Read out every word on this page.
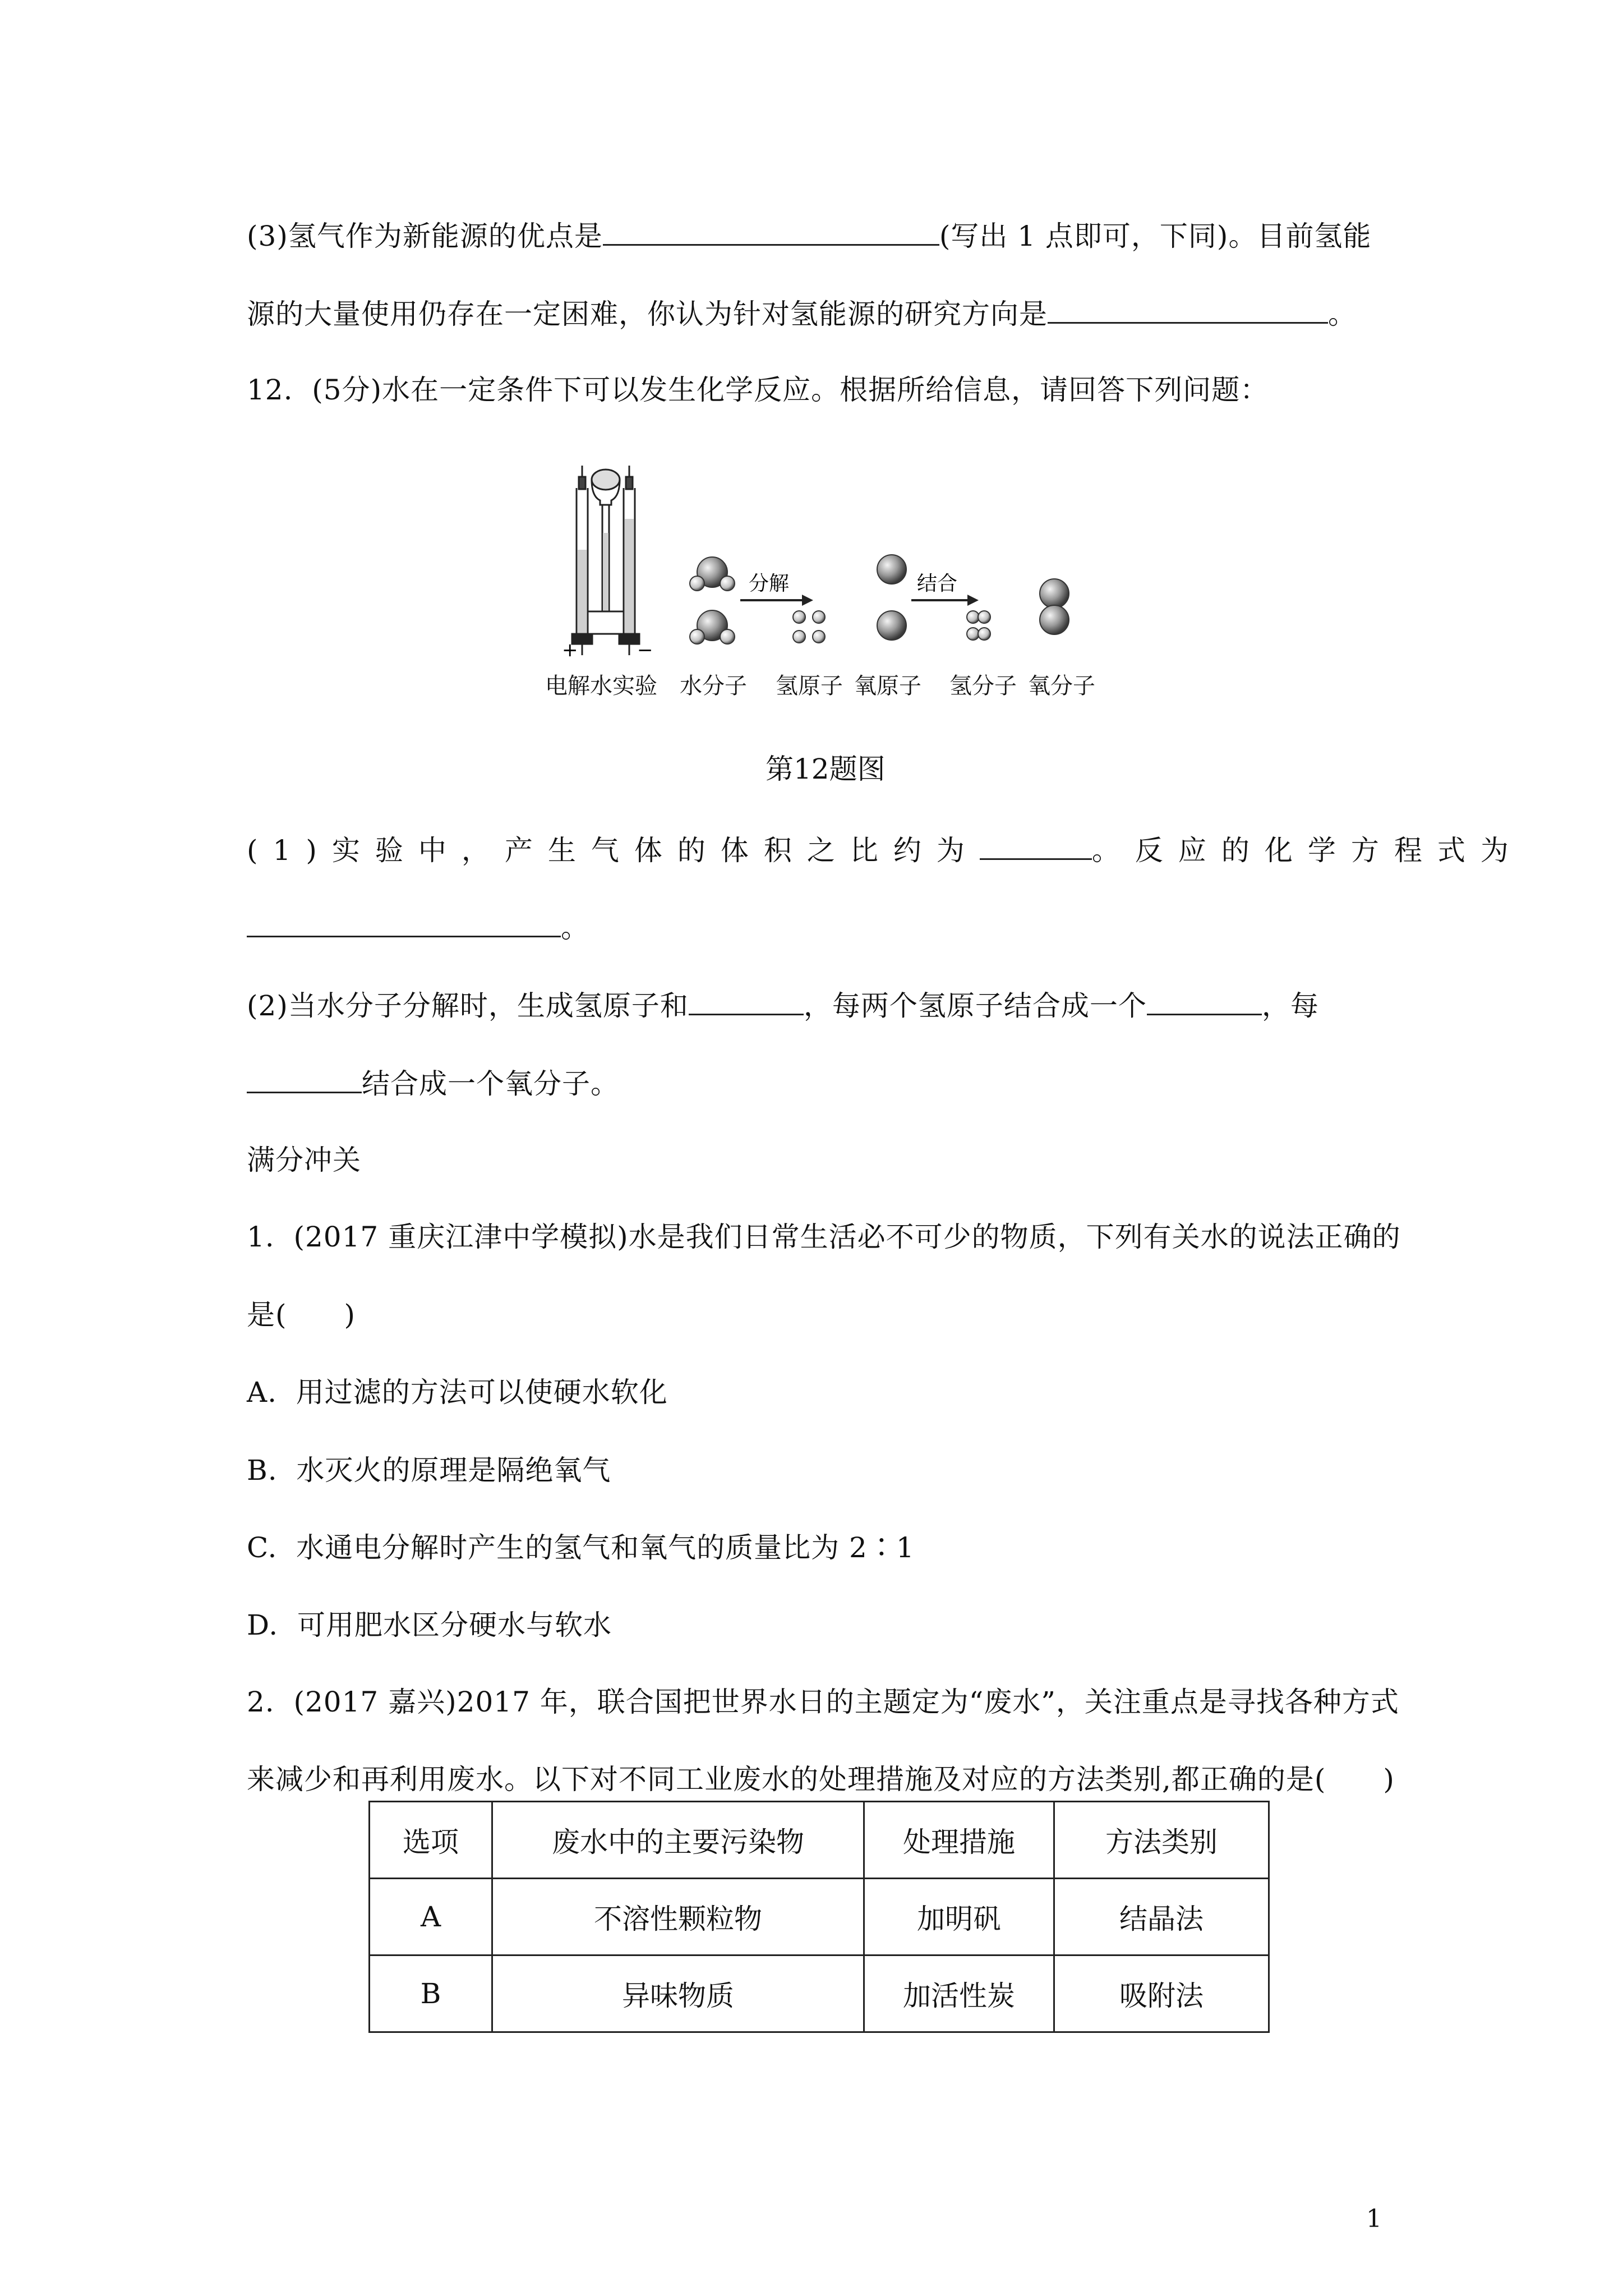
(3)氢气作为新能源的优点是	(写出 1 点即可，下同)。目前氢能
源的大量使用仍存在一定困难，你认为针对氢能源的研究方向是	。
12.  (5分)水在一定条件下可以发生化学反应。根据所给信息，请回答下列问题：
+	−
分解	结合
电解水实验 水分子 氢原子 氧原子 氢分子 氧分子
第12题图
(1)实验中，产生气体的体积之比约为	。反应的化学方程式为
。
(2)当水分子分解时，生成氢原子和	，每两个氢原子结合成一个	，每
结合成一个氧分子。
满分冲关
1.  (2017 重庆江津中学模拟)水是我们日常生活必不可少的物质，下列有关水的说法正确的
是(　　)
A.  用过滤的方法可以使硬水软化
B.  水灭火的原理是隔绝氧气
C.  水通电分解时产生的氢气和氧气的质量比为 2∶1
D.  可用肥水区分硬水与软水
2.  (2017 嘉兴)2017 年，联合国把世界水日的主题定为“废水”，关注重点是寻找各种方式
来减少和再利用废水。以下对不同工业废水的处理措施及对应的方法类别,都正确的是(　　)
选项	废水中的主要污染物	处理措施	方法类别
A	不溶性颗粒物	加明矾	结晶法
B	异味物质	加活性炭	吸附法
1
